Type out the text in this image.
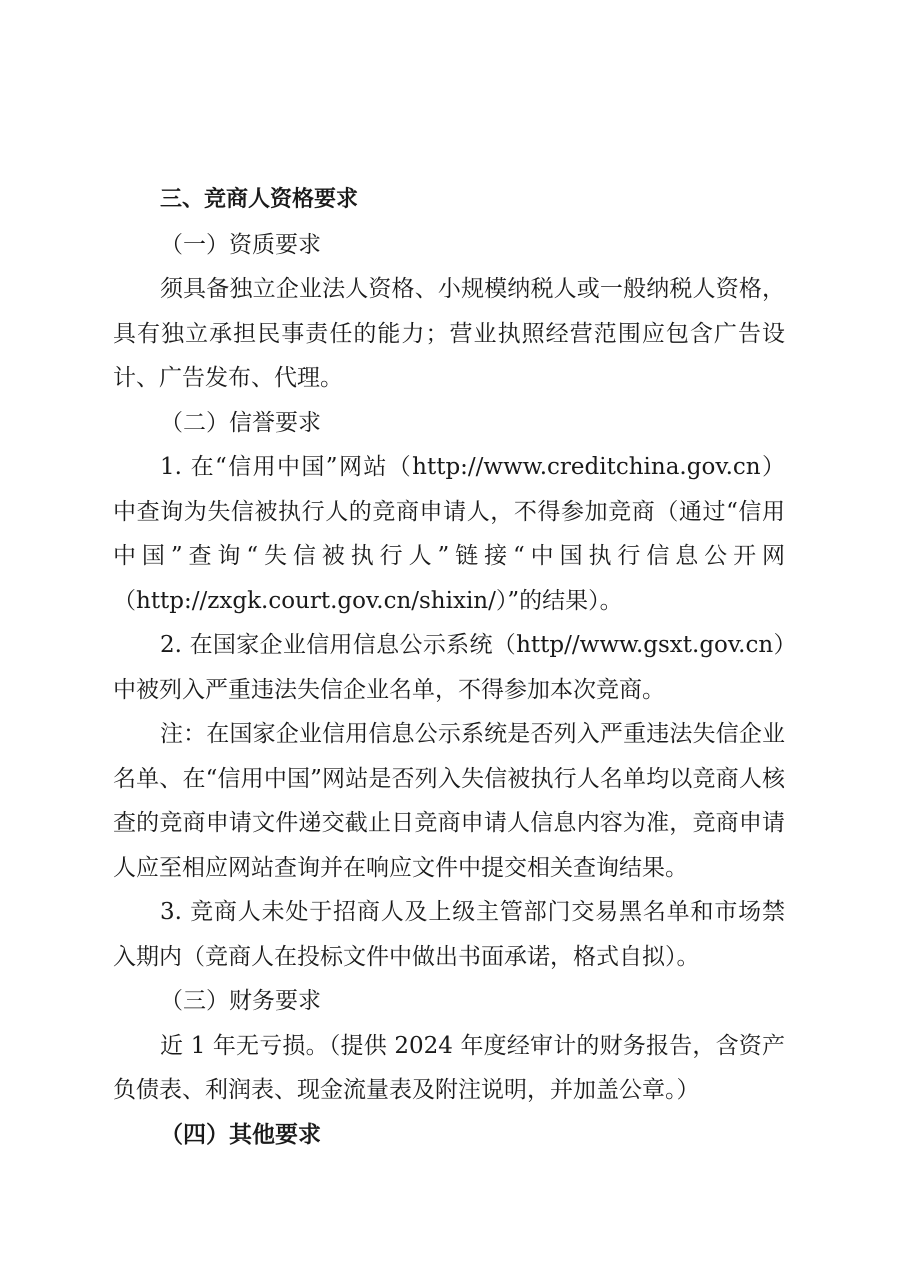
三、竞商人资格要求

（一）资质要求

须具备独立企业法人资格、小规模纳税人或一般纳税人资格，具有独立承担民事责任的能力；营业执照经营范围应包含广告设计、广告发布、代理。

（二）信誉要求

1. 在“信用中国”网站（http://www.creditchina.gov.cn）中查询为失信被执行人的竞商申请人，不得参加竞商（通过“信用中国”查询“失信被执行人”链接“中国执行信息公开网（http://zxgk.court.gov.cn/shixin/）”的结果）。

2. 在国家企业信用信息公示系统（http//www.gsxt.gov.cn）中被列入严重违法失信企业名单，不得参加本次竞商。

注：在国家企业信用信息公示系统是否列入严重违法失信企业名单、在“信用中国”网站是否列入失信被执行人名单均以竞商人核查的竞商申请文件递交截止日竞商申请人信息内容为准，竞商申请人应至相应网站查询并在响应文件中提交相关查询结果。

3. 竞商人未处于招商人及上级主管部门交易黑名单和市场禁入期内（竞商人在投标文件中做出书面承诺，格式自拟）。

（三）财务要求

近 1 年无亏损。（提供 2024 年度经审计的财务报告，含资产负债表、利润表、现金流量表及附注说明，并加盖公章。）

（四）其他要求
